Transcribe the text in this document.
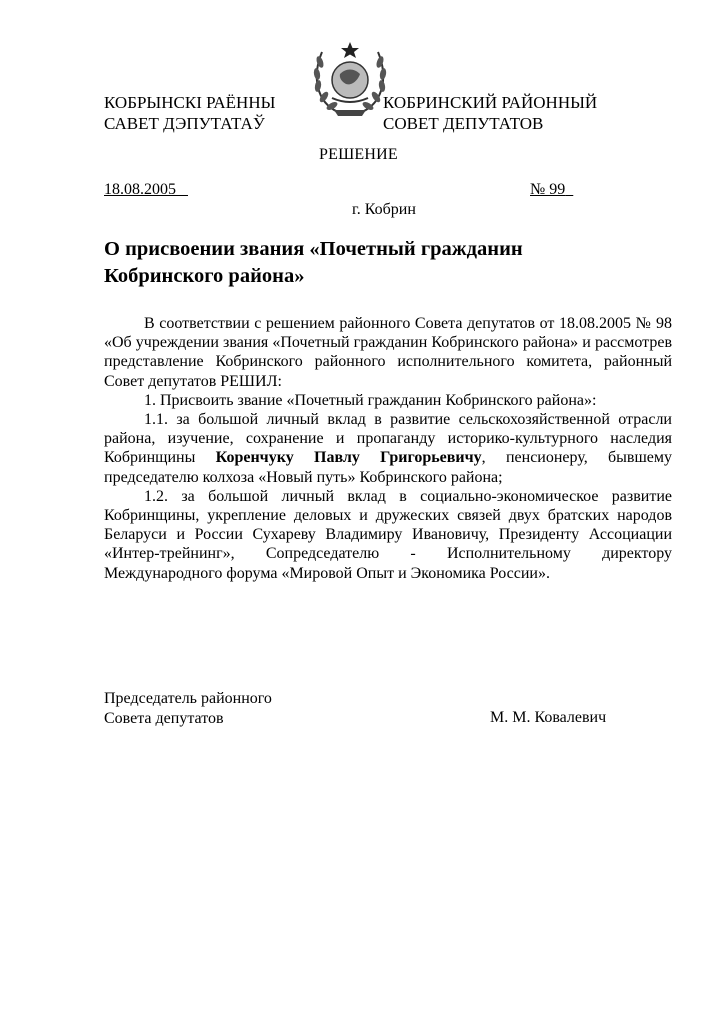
КОБРЫНСКІ РАЁННЫ
САВЕТ ДЭПУТАТАЎ
КОБРИНСКИЙ РАЙОННЫЙ
СОВЕТ ДЕПУТАТОВ
РЕШЕНИЕ
18.08.2005	№ 99
г. Кобрин
О присвоении звания «Почетный гражданин Кобринского района»

В соответствии с решением районного Совета депутатов от 18.08.2005 № 98 «Об учреждении звания «Почетный гражданин Кобринского района» и рассмотрев представление Кобринского районного исполнительного комитета, районный Совет депутатов РЕШИЛ:

1. Присвоить звание «Почетный гражданин Кобринского района»:

1.1. за большой личный вклад в развитие сельскохозяйственной отрасли района, изучение, сохранение и пропаганду историко-культурного наследия Кобринщины Коренчуку Павлу Григорьевичу, пенсионеру, бывшему председателю колхоза «Новый путь» Кобринского района;

1.2. за большой личный вклад в социально-экономическое развитие Кобринщины, укрепление деловых и дружеских связей двух братских народов Беларуси и России Сухареву Владимиру Ивановичу, Президенту Ассоциации «Интер-трейнинг», Сопредседателю - Исполнительному директору Международного форума «Мировой Опыт и Экономика России».

Председатель районного
Совета депутатов	М. М. Ковалевич
